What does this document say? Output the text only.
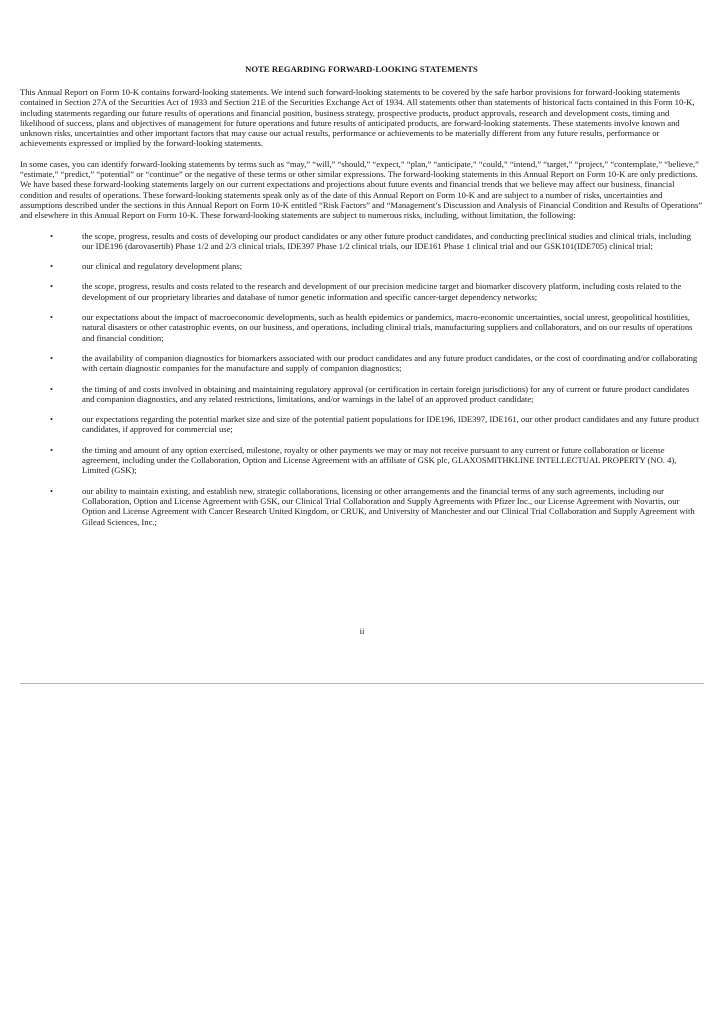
NOTE REGARDING FORWARD-LOOKING STATEMENTS

This Annual Report on Form 10-K contains forward-looking statements. We intend such forward-looking statements to be covered by the safe harbor provisions for forward-looking statements contained in Section 27A of the Securities Act of 1933 and Section 21E of the Securities Exchange Act of 1934. All statements other than statements of historical facts contained in this Form 10-K, including statements regarding our future results of operations and financial position, business strategy, prospective products, product approvals, research and development costs, timing and likelihood of success, plans and objectives of management for future operations and future results of anticipated products, are forward-looking statements. These statements involve known and unknown risks, uncertainties and other important factors that may cause our actual results, performance or achievements to be materially different from any future results, performance or achievements expressed or implied by the forward-looking statements.

In some cases, you can identify forward-looking statements by terms such as “may,” “will,” “should,” “expect,” “plan,” “anticipate,” “could,” “intend,” “target,” “project,” “contemplate,” “believe,” “estimate,” “predict,” “potential” or “continue” or the negative of these terms or other similar expressions. The forward-looking statements in this Annual Report on Form 10-K are only predictions. We have based these forward-looking statements largely on our current expectations and projections about future events and financial trends that we believe may affect our business, financial condition and results of operations. These forward-looking statements speak only as of the date of this Annual Report on Form 10-K and are subject to a number of risks, uncertainties and assumptions described under the sections in this Annual Report on Form 10-K entitled “Risk Factors” and “Management’s Discussion and Analysis of Financial Condition and Results of Operations” and elsewhere in this Annual Report on Form 10-K. These forward-looking statements are subject to numerous risks, including, without limitation, the following:

•	the scope, progress, results and costs of developing our product candidates or any other future product candidates, and conducting preclinical studies and clinical trials, including our IDE196 (darovasertib) Phase 1/2 and 2/3 clinical trials, IDE397 Phase 1/2 clinical trials, our IDE161 Phase 1 clinical trial and our GSK101(IDE705) clinical trial;
•	our clinical and regulatory development plans;
•	the scope, progress, results and costs related to the research and development of our precision medicine target and biomarker discovery platform, including costs related to the development of our proprietary libraries and database of tumor genetic information and specific cancer-target dependency networks;
•	our expectations about the impact of macroeconomic developments, such as health epidemics or pandemics, macro-economic uncertainties, social unrest, geopolitical hostilities, natural disasters or other catastrophic events, on our business, and operations, including clinical trials, manufacturing suppliers and collaborators, and on our results of operations and financial condition;
•	the availability of companion diagnostics for biomarkers associated with our product candidates and any future product candidates, or the cost of coordinating and/or collaborating with certain diagnostic companies for the manufacture and supply of companion diagnostics;
•	the timing of and costs involved in obtaining and maintaining regulatory approval (or certification in certain foreign jurisdictions) for any of current or future product candidates and companion diagnostics, and any related restrictions, limitations, and/or warnings in the label of an approved product candidate;
•	our expectations regarding the potential market size and size of the potential patient populations for IDE196, IDE397, IDE161, our other product candidates and any future product candidates, if approved for commercial use;
•	the timing and amount of any option exercised, milestone, royalty or other payments we may or may not receive pursuant to any current or future collaboration or license agreement, including under the Collaboration, Option and License Agreement with an affiliate of GSK plc, GLAXOSMITHKLINE INTELLECTUAL PROPERTY (NO. 4), Limited (GSK);
•	our ability to maintain existing, and establish new, strategic collaborations, licensing or other arrangements and the financial terms of any such agreements, including our Collaboration, Option and License Agreement with GSK, our Clinical Trial Collaboration and Supply Agreements with Pfizer Inc., our License Agreement with Novartis, our Option and License Agreement with Cancer Research United Kingdom, or CRUK, and University of Manchester and our Clinical Trial Collaboration and Supply Agreement with Gilead Sciences, Inc.;
ii
